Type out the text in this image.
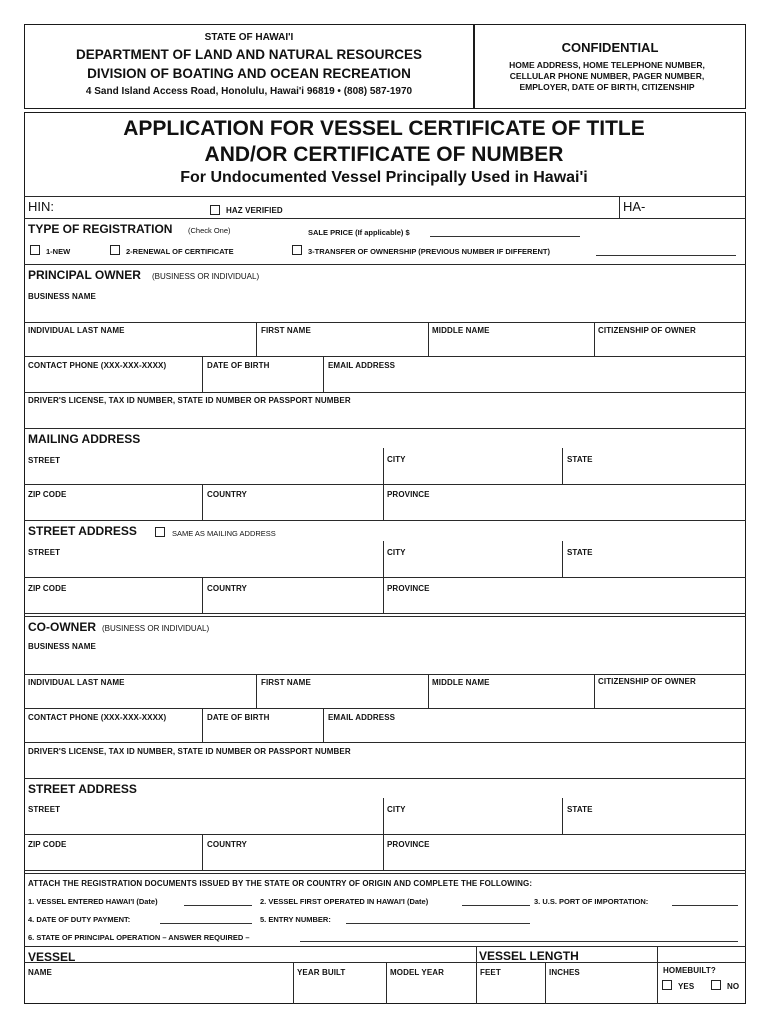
STATE OF HAWAI'I
DEPARTMENT OF LAND AND NATURAL RESOURCES
DIVISION OF BOATING AND OCEAN RECREATION
4 Sand Island Access Road, Honolulu, Hawai'i 96819 • (808) 587-1970
CONFIDENTIAL
HOME ADDRESS, HOME TELEPHONE NUMBER,
CELLULAR PHONE NUMBER, PAGER NUMBER,
EMPLOYER, DATE OF BIRTH, CITIZENSHIP
APPLICATION FOR VESSEL CERTIFICATE OF TITLE
AND/OR CERTIFICATE OF NUMBER
For Undocumented Vessel Principally Used in Hawai'i
HIN:	HAZ VERIFIED	HA-
TYPE OF REGISTRATION (Check One)	SALE PRICE (If applicable) $
1-NEW	2-RENEWAL OF CERTIFICATE	3-TRANSFER OF OWNERSHIP (PREVIOUS NUMBER IF DIFFERENT)
PRINCIPAL OWNER (BUSINESS OR INDIVIDUAL)
BUSINESS NAME
INDIVIDUAL LAST NAME	FIRST NAME	MIDDLE NAME	CITIZENSHIP OF OWNER
CONTACT PHONE (XXX-XXX-XXXX)	DATE OF BIRTH	EMAIL ADDRESS
DRIVER'S LICENSE, TAX ID NUMBER, STATE ID NUMBER OR PASSPORT NUMBER
MAILING ADDRESS
STREET	CITY	STATE
ZIP CODE	COUNTRY	PROVINCE
STREET ADDRESS	SAME AS MAILING ADDRESS
STREET	CITY	STATE
ZIP CODE	COUNTRY	PROVINCE
CO-OWNER (BUSINESS OR INDIVIDUAL)
BUSINESS NAME
INDIVIDUAL LAST NAME	FIRST NAME	MIDDLE NAME	CITIZENSHIP OF OWNER
CONTACT PHONE (XXX-XXX-XXXX)	DATE OF BIRTH	EMAIL ADDRESS
DRIVER'S LICENSE, TAX ID NUMBER, STATE ID NUMBER OR PASSPORT NUMBER
STREET ADDRESS
STREET	CITY	STATE
ZIP CODE	COUNTRY	PROVINCE
ATTACH THE REGISTRATION DOCUMENTS ISSUED BY THE STATE OR COUNTRY OF ORIGIN AND COMPLETE THE FOLLOWING:
1. VESSEL ENTERED HAWAI'I (Date)	2. VESSEL FIRST OPERATED IN HAWAI'I (Date)	3. U.S. PORT OF IMPORTATION:
4. DATE OF DUTY PAYMENT:	5. ENTRY NUMBER:
6. STATE OF PRINCIPAL OPERATION – ANSWER REQUIRED –
VESSEL	VESSEL LENGTH
NAME	YEAR BUILT	MODEL YEAR	FEET	INCHES	HOMEBUILT?
YES	NO
